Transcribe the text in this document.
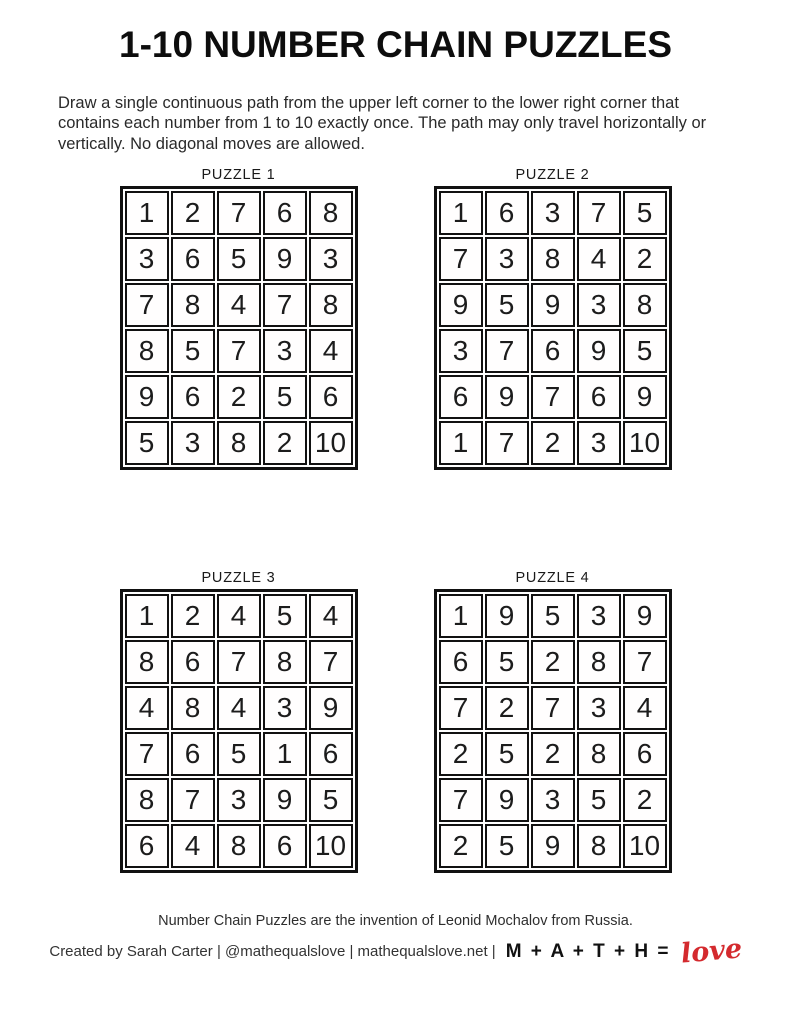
1-10 NUMBER CHAIN PUZZLES

Draw a single continuous path from the upper left corner to the lower right corner that contains each number from 1 to 10 exactly once. The path may only travel horizontally or vertically. No diagonal moves are allowed.

PUZZLE 1
1	2	7	6	8
3	6	5	9	3
7	8	4	7	8
8	5	7	3	4
9	6	2	5	6
5	3	8	2	10
PUZZLE 2
1	6	3	7	5
7	3	8	4	2
9	5	9	3	8
3	7	6	9	5
6	9	7	6	9
1	7	2	3	10
PUZZLE 3
1	2	4	5	4
8	6	7	8	7
4	8	4	3	9
7	6	5	1	6
8	7	3	9	5
6	4	8	6	10
PUZZLE 4
1	9	5	3	9
6	5	2	8	7
7	2	7	3	4
2	5	2	8	6
7	9	3	5	2
2	5	9	8	10
Number Chain Puzzles are the invention of Leonid Mochalov from Russia.
Created by Sarah Carter | @mathequalslove | mathequalslove.net | M + A + T + H = love
